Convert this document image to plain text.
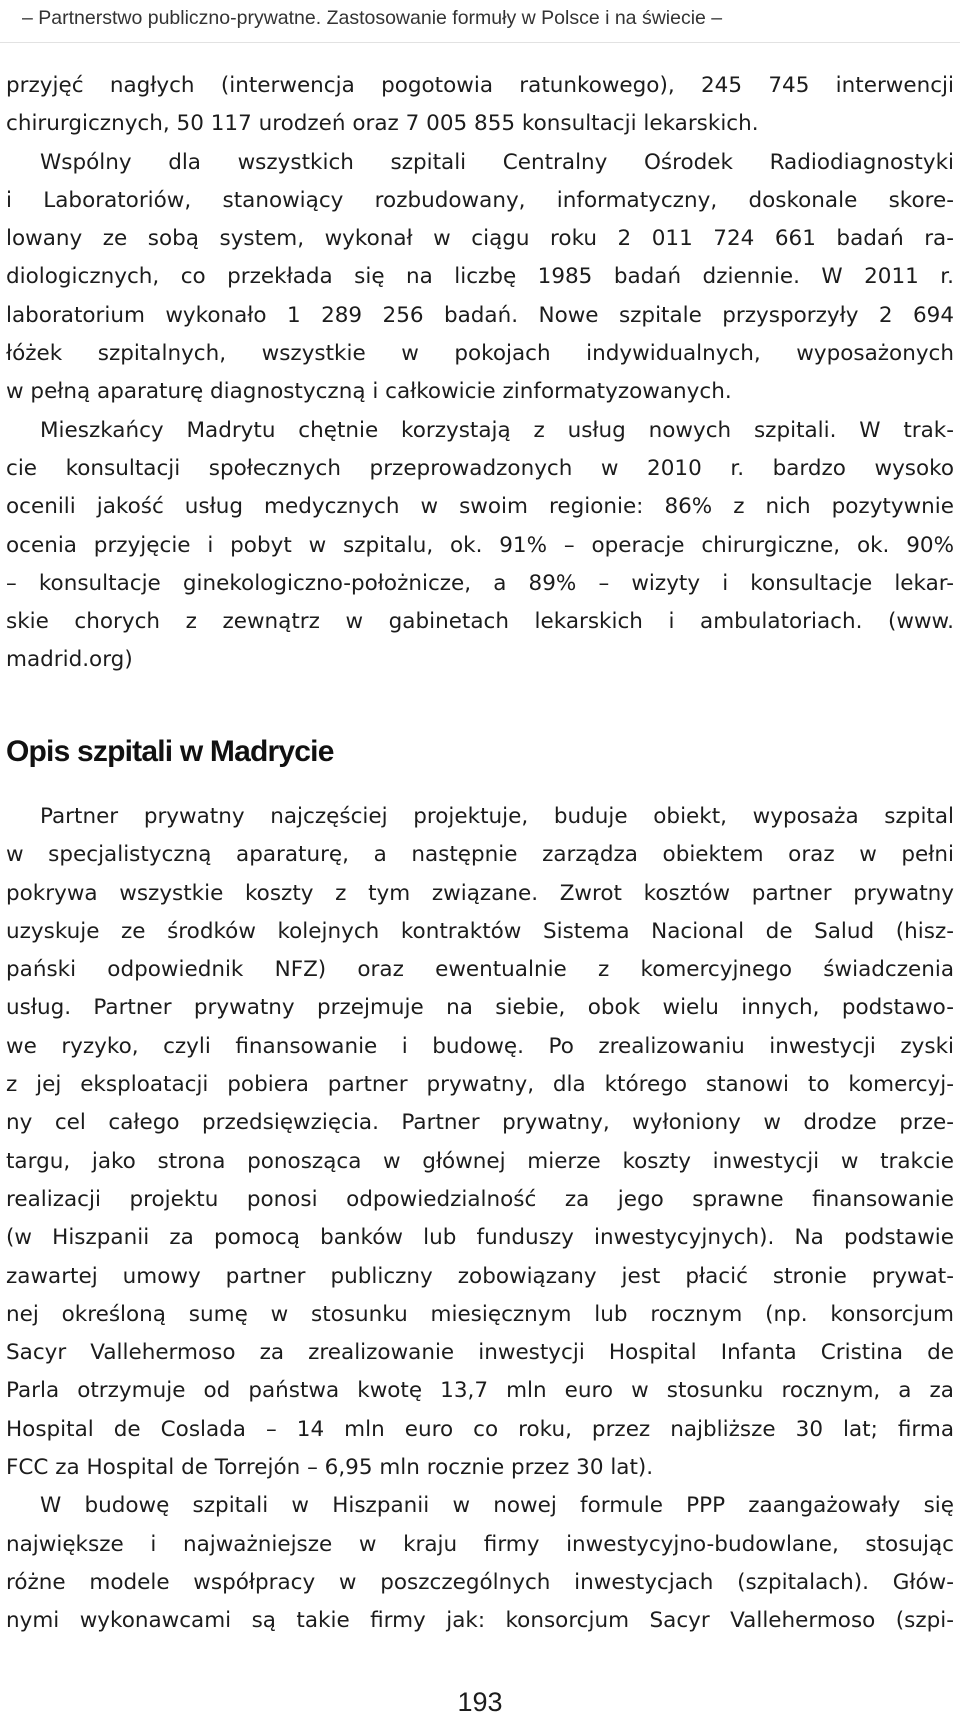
– Partnerstwo publiczno-prywatne. Zastosowanie formuły w Polsce i na świecie –
przyjęć nagłych (interwencja pogotowia ratunkowego), 245 745 interwencji
chirurgicznych, 50 117 urodzeń oraz 7 005 855 konsultacji lekarskich.
Wspólny dla wszystkich szpitali Centralny Ośrodek Radiodiagnostyki
i Laboratoriów, stanowiący rozbudowany, informatyczny, doskonale skore-
lowany ze sobą system, wykonał w ciągu roku 2 011 724 661 badań ra-
diologicznych, co przekłada się na liczbę 1985 badań dziennie. W 2011 r.
laboratorium wykonało 1 289 256 badań. Nowe szpitale przysporzyły 2 694
łóżek szpitalnych, wszystkie w pokojach indywidualnych, wyposażonych
w pełną aparaturę diagnostyczną i całkowicie zinformatyzowanych.
Mieszkańcy Madrytu chętnie korzystają z usług nowych szpitali. W trak-
cie konsultacji społecznych przeprowadzonych w 2010 r. bardzo wysoko
ocenili jakość usług medycznych w swoim regionie: 86% z nich pozytywnie
ocenia przyjęcie i pobyt w szpitalu, ok. 91% – operacje chirurgiczne, ok. 90%
– konsultacje ginekologiczno-położnicze, a 89% – wizyty i konsultacje lekar-
skie chorych z zewnątrz w gabinetach lekarskich i ambulatoriach. (www.
madrid.org)
Opis szpitali w Madrycie
Partner prywatny najczęściej projektuje, buduje obiekt, wyposaża szpital
w specjalistyczną aparaturę, a następnie zarządza obiektem oraz w pełni
pokrywa wszystkie koszty z tym związane. Zwrot kosztów partner prywatny
uzyskuje ze środków kolejnych kontraktów Sistema Nacional de Salud (hisz-
pański odpowiednik NFZ) oraz ewentualnie z komercyjnego świadczenia
usług. Partner prywatny przejmuje na siebie, obok wielu innych, podstawo-
we ryzyko, czyli finansowanie i budowę. Po zrealizowaniu inwestycji zyski
z jej eksploatacji pobiera partner prywatny, dla którego stanowi to komercyj-
ny cel całego przedsięwzięcia. Partner prywatny, wyłoniony w drodze prze-
targu, jako strona ponosząca w głównej mierze koszty inwestycji w trakcie
realizacji projektu ponosi odpowiedzialność za jego sprawne finansowanie
(w Hiszpanii za pomocą banków lub funduszy inwestycyjnych). Na podstawie
zawartej umowy partner publiczny zobowiązany jest płacić stronie prywat-
nej określoną sumę w stosunku miesięcznym lub rocznym (np. konsorcjum
Sacyr Vallehermoso za zrealizowanie inwestycji Hospital Infanta Cristina de
Parla otrzymuje od państwa kwotę 13,7 mln euro w stosunku rocznym, a za
Hospital de Coslada – 14 mln euro co roku, przez najbliższe 30 lat; firma
FCC za Hospital de Torrejón – 6,95 mln rocznie przez 30 lat).
W budowę szpitali w Hiszpanii w nowej formule PPP zaangażowały się
największe i najważniejsze w kraju firmy inwestycyjno-budowlane, stosując
różne modele współpracy w poszczególnych inwestycjach (szpitalach). Głów-
nymi wykonawcami są takie firmy jak: konsorcjum Sacyr Vallehermoso (szpi-
193
